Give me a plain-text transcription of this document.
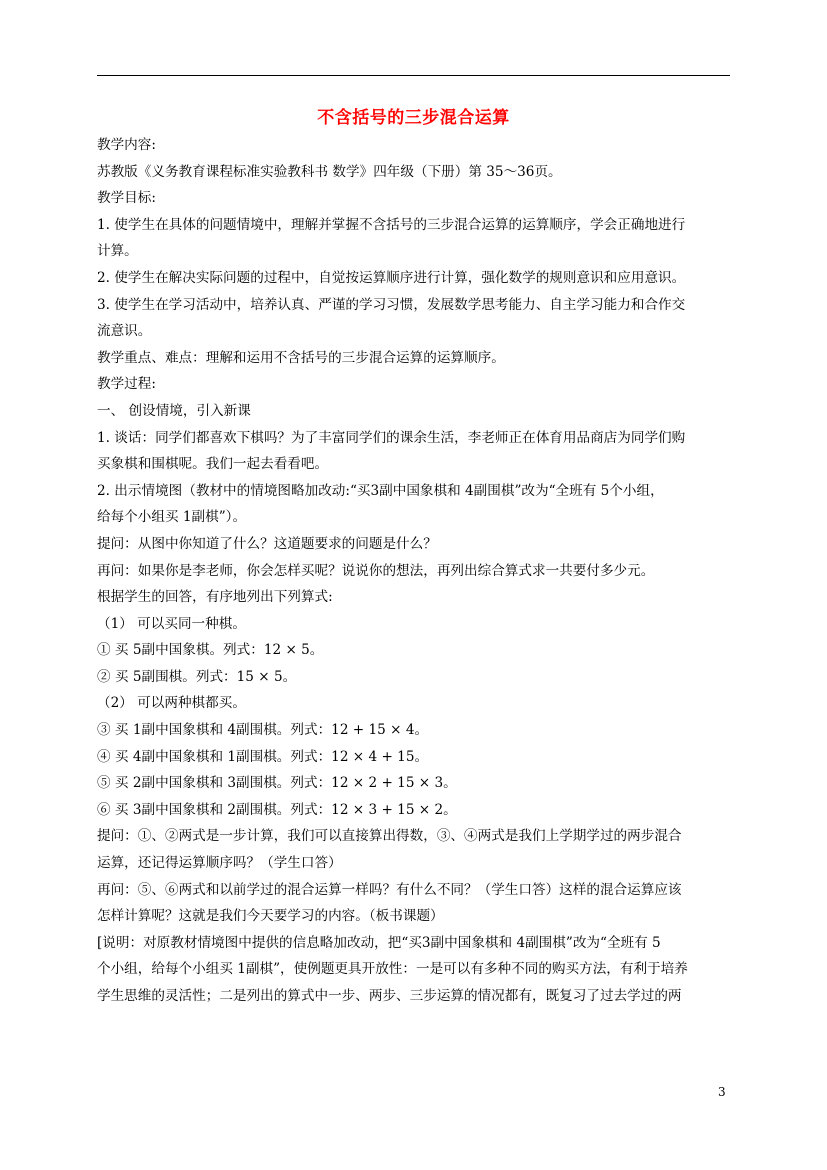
不含括号的三步混合运算

教学内容:

苏教版《义务教育课程标准实验教科书 数学》四年级（下册）第 35～36页。

教学目标:

1. 使学生在具体的问题情境中，理解并掌握不含括号的三步混合运算的运算顺序，学会正确地进行

计算。

2. 使学生在解决实际问题的过程中，自觉按运算顺序进行计算，强化数学的规则意识和应用意识。

3. 使学生在学习活动中，培养认真、严谨的学习习惯，发展数学思考能力、自主学习能力和合作交

流意识。

教学重点、难点：理解和运用不含括号的三步混合运算的运算顺序。

教学过程:

一、 创设情境，引入新课

1. 谈话：同学们都喜欢下棋吗？为了丰富同学们的课余生活，李老师正在体育用品商店为同学们购

买象棋和围棋呢。我们一起去看看吧。

2. 出示情境图（教材中的情境图略加改动:“买3副中国象棋和 4副围棋”改为“全班有 5个小组，

给每个小组买 1副棋”）。

提问：从图中你知道了什么？这道题要求的问题是什么？

再问：如果你是李老师，你会怎样买呢？说说你的想法，再列出综合算式求一共要付多少元。

根据学生的回答，有序地列出下列算式:

（1） 可以买同一种棋。

① 买 5副中国象棋。列式：12 × 5。

② 买 5副围棋。列式：15 × 5。

（2） 可以两种棋都买。

③ 买 1副中国象棋和 4副围棋。列式：12 + 15 × 4。

④ 买 4副中国象棋和 1副围棋。列式：12 × 4 + 15。

⑤ 买 2副中国象棋和 3副围棋。列式：12 × 2 + 15 × 3。

⑥ 买 3副中国象棋和 2副围棋。列式：12 × 3 + 15 × 2。

提问：①、②两式是一步计算，我们可以直接算出得数，③、④两式是我们上学期学过的两步混合

运算，还记得运算顺序吗？（学生口答）

再问：⑤、⑥两式和以前学过的混合运算一样吗？有什么不同？（学生口答）这样的混合运算应该

怎样计算呢？这就是我们今天要学习的内容。（板书课题）

[说明：对原教材情境图中提供的信息略加改动，把“买3副中国象棋和 4副围棋”改为“全班有 5

个小组，给每个小组买 1副棋”，使例题更具开放性：一是可以有多种不同的购买方法，有利于培养

学生思维的灵活性；二是列出的算式中一步、两步、三步运算的情况都有，既复习了过去学过的两

3
